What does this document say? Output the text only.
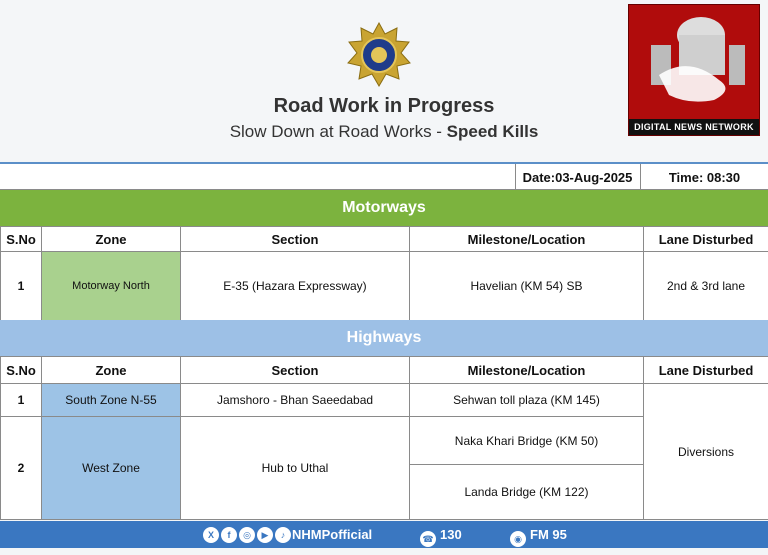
Road Work in Progress
Slow Down at Road Works - Speed Kills	DIGITAL NEWS NETWORK
Date:03-Aug-2025	Time: 08:30
Motorways
S.No	Zone	Section	Milestone/Location	Lane Disturbed
1	Motorway North	E-35 (Hazara Expressway)	Havelian (KM 54) SB	2nd & 3rd lane
Highways
S.No	Zone	Section	Milestone/Location	Lane Disturbed
1	South Zone N-55	Jamshoro - Bhan Saeedabad	Sehwan toll plaza (KM 145)	Diversions
2	West Zone	Hub to Uthal	Naka Khari Bridge (KM 50)	
			Landa Bridge (KM 122)	
X f ◎ ▶ ♪ NHMPofficial	☎ 130	◉ FM 95
